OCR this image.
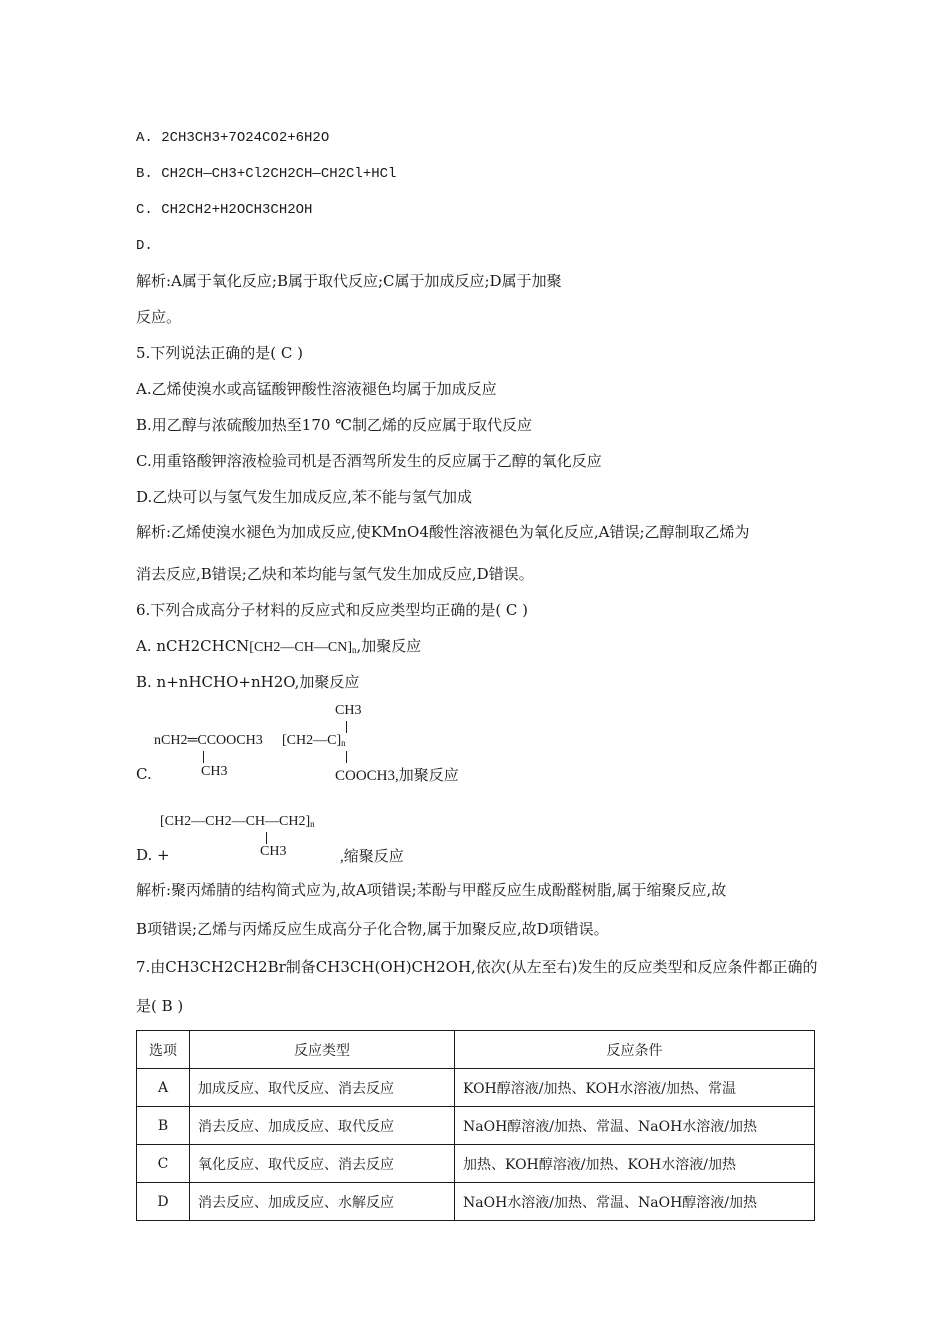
A. 2CH3CH3+7O24CO2+6H2O
B. CH2CH—CH3+Cl2CH2CH—CH2Cl+HCl
C. CH2CH2+H2OCH3CH2OH
D.
解析:A属于氧化反应;B属于取代反应;C属于加成反应;D属于加聚
反应。
5.下列说法正确的是( C )
A.乙烯使溴水或高锰酸钾酸性溶液褪色均属于加成反应
B.用乙醇与浓硫酸加热至170 ℃制乙烯的反应属于取代反应
C.用重铬酸钾溶液检验司机是否酒驾所发生的反应属于乙醇的氧化反应
D.乙炔可以与氢气发生加成反应,苯不能与氢气加成
解析:乙烯使溴水褪色为加成反应,使KMnO4酸性溶液褪色为氧化反应,A错误;乙醇制取乙烯为
消去反应,B错误;乙炔和苯均能与氢气发生加成反应,D错误。
6.下列合成高分子材料的反应式和反应类型均正确的是( C )
A. $nCH2CHCN[CH2—CH—CN]_n$,加聚反应
B. n+nHCHO+nH2O,加聚反应
CH3
nCH2═CCOOCH3 $[CH2—C]_n$
CH3
C.	COOCH3,加聚反应
$[CH2—CH2—CH—CH2]_n$
CH3
D. +	,缩聚反应
解析:聚丙烯腈的结构简式应为,故A项错误;苯酚与甲醛反应生成酚醛树脂,属于缩聚反应,故
B项错误;乙烯与丙烯反应生成高分子化合物,属于加聚反应,故D项错误。
7.由CH3CH2CH2Br制备CH3CH(OH)CH2OH,依次(从左至右)发生的反应类型和反应条件都正确的
是( B )
选项	反应类型	反应条件
A	加成反应、取代反应、消去反应	KOH醇溶液/加热、KOH水溶液/加热、常温
B	消去反应、加成反应、取代反应	NaOH醇溶液/加热、常温、NaOH水溶液/加热
C	氧化反应、取代反应、消去反应	加热、KOH醇溶液/加热、KOH水溶液/加热
D	消去反应、加成反应、水解反应	NaOH水溶液/加热、常温、NaOH醇溶液/加热
